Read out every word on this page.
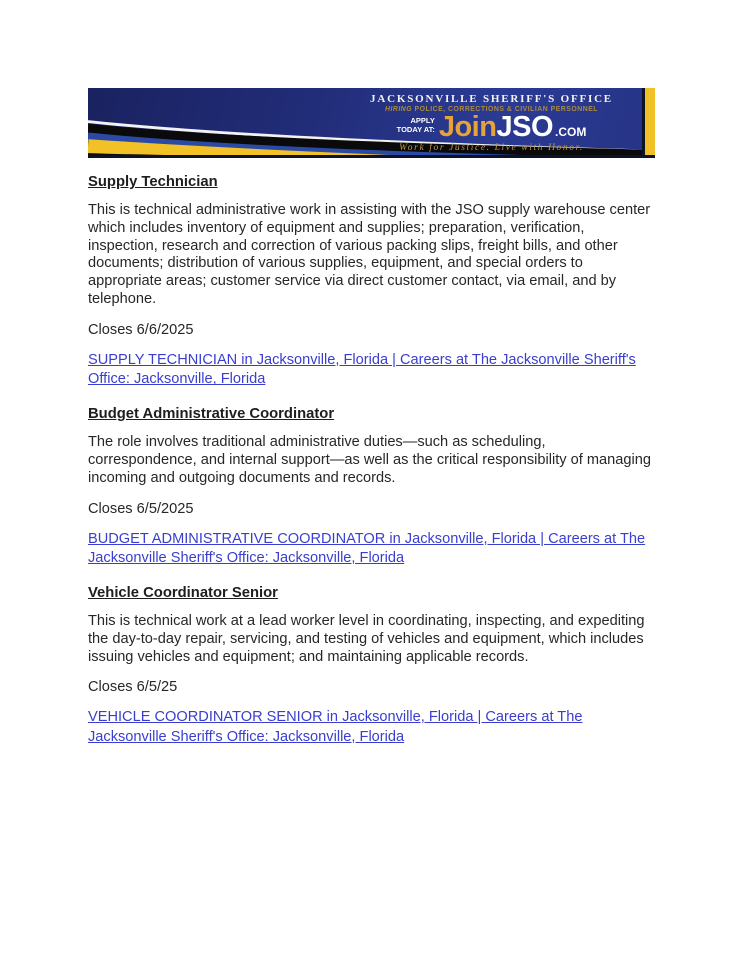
JACKSONVILLE SHERIFF'S OFFICE
HIRING POLICE, CORRECTIONS & CIVILIAN PERSONNEL
APPLY
TODAY AT: JoinJSO .COM
Work for Justice. Live with Honor.
Supply Technician

This is technical administrative work in assisting with the JSO supply warehouse center which includes inventory of equipment and supplies; preparation, verification, inspection, research and correction of various packing slips, freight bills, and other documents; distribution of various supplies, equipment, and special orders to appropriate areas; customer service via direct customer contact, via email, and by telephone.

Closes 6/6/2025

SUPPLY TECHNICIAN in Jacksonville, Florida | Careers at The Jacksonville Sheriff's Office: Jacksonville, Florida
Budget Administrative Coordinator

The role involves traditional administrative duties—such as scheduling, correspondence, and internal support—as well as the critical responsibility of managing incoming and outgoing documents and records.

Closes 6/5/2025

BUDGET ADMINISTRATIVE COORDINATOR in Jacksonville, Florida | Careers at The Jacksonville Sheriff's Office: Jacksonville, Florida
Vehicle Coordinator Senior

This is technical work at a lead worker level in coordinating, inspecting, and expediting the day-to-day repair, servicing, and testing of vehicles and equipment, which includes issuing vehicles and equipment; and maintaining applicable records.

Closes 6/5/25

VEHICLE COORDINATOR SENIOR in Jacksonville, Florida | Careers at The Jacksonville Sheriff's Office: Jacksonville, Florida
